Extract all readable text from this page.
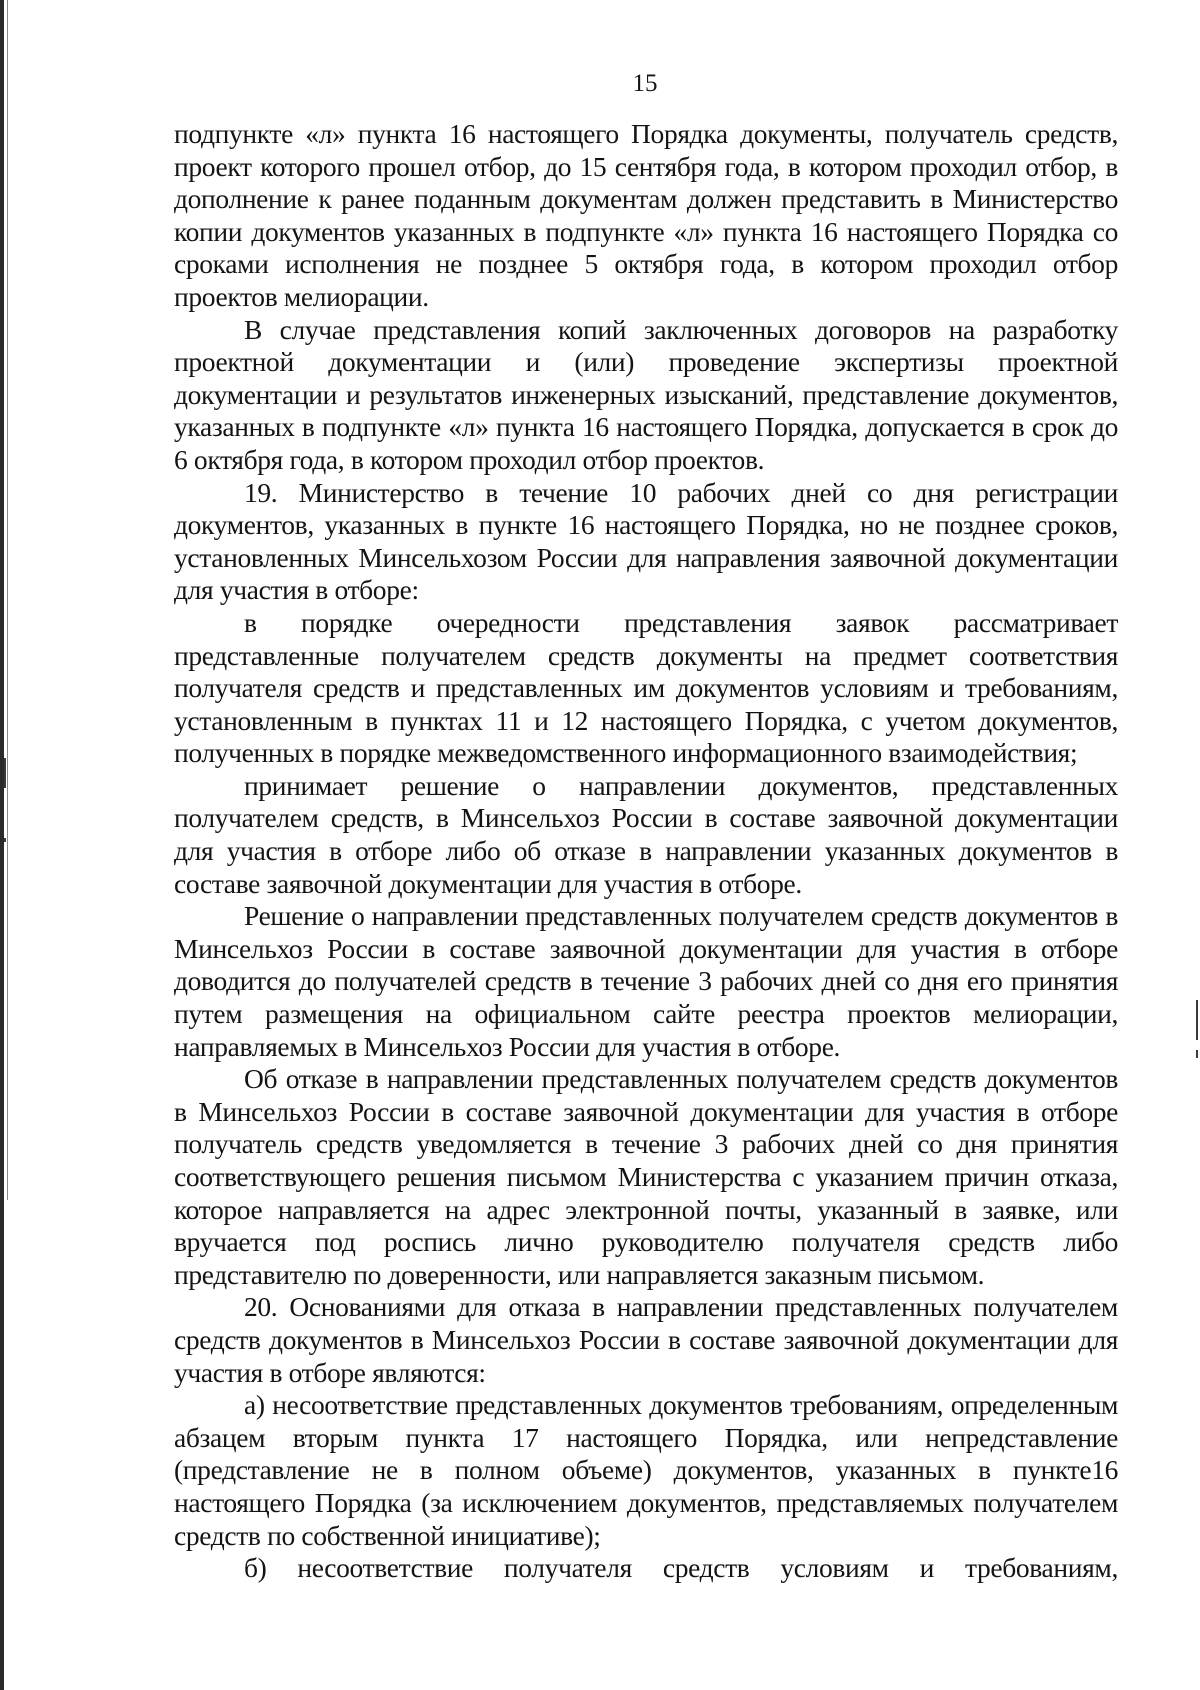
15

подпункте «л» пункта 16 настоящего Порядка документы, получатель средств, проект которого прошел отбор, до 15 сентября года, в котором проходил отбор, в дополнение к ранее поданным документам должен представить в Министерство копии документов указанных в подпункте «л» пункта 16 настоящего Порядка со сроками исполнения не позднее 5 октября года, в котором проходил отбор проектов мелиорации.

В случае представления копий заключенных договоров на разработку проектной документации и (или) проведение экспертизы проектной документации и результатов инженерных изысканий, представление документов, указанных в подпункте «л» пункта 16 настоящего Порядка, допускается в срок до 6 октября года, в котором проходил отбор проектов.

19. Министерство в течение 10 рабочих дней со дня регистрации документов, указанных в пункте 16 настоящего Порядка, но не позднее сроков, установленных Минсельхозом России для направления заявочной документации для участия в отборе:

в порядке очередности представления заявок рассматривает представленные получателем средств документы на предмет соответствия получателя средств и представленных им документов условиям и требованиям, установленным в пунктах 11 и 12 настоящего Порядка, с учетом документов, полученных в порядке межведомственного информационного взаимодействия;

принимает решение о направлении документов, представленных получателем средств, в Минсельхоз России в составе заявочной документации для участия в отборе либо об отказе в направлении указанных документов в составе заявочной документации для участия в отборе.

Решение о направлении представленных получателем средств документов в Минсельхоз России в составе заявочной документации для участия в отборе доводится до получателей средств в течение 3 рабочих дней со дня его принятия путем размещения на официальном сайте реестра проектов мелиорации, направляемых в Минсельхоз России для участия в отборе.

Об отказе в направлении представленных получателем средств документов в Минсельхоз России в составе заявочной документации для участия в отборе получатель средств уведомляется в течение 3 рабочих дней со дня принятия соответствующего решения письмом Министерства с указанием причин отказа, которое направляется на адрес электронной почты, указанный в заявке, или вручается под роспись лично руководителю получателя средств либо представителю по доверенности, или направляется заказным письмом.

20. Основаниями для отказа в направлении представленных получателем средств документов в Минсельхоз России в составе заявочной документации для участия в отборе являются:

а) несоответствие представленных документов требованиям, определенным абзацем вторым пункта 17 настоящего Порядка, или непредставление (представление не в полном объеме) документов, указанных в пункте16 настоящего Порядка (за исключением документов, представляемых получателем средств по собственной инициативе);

б) несоответствие получателя средств условиям и требованиям,
